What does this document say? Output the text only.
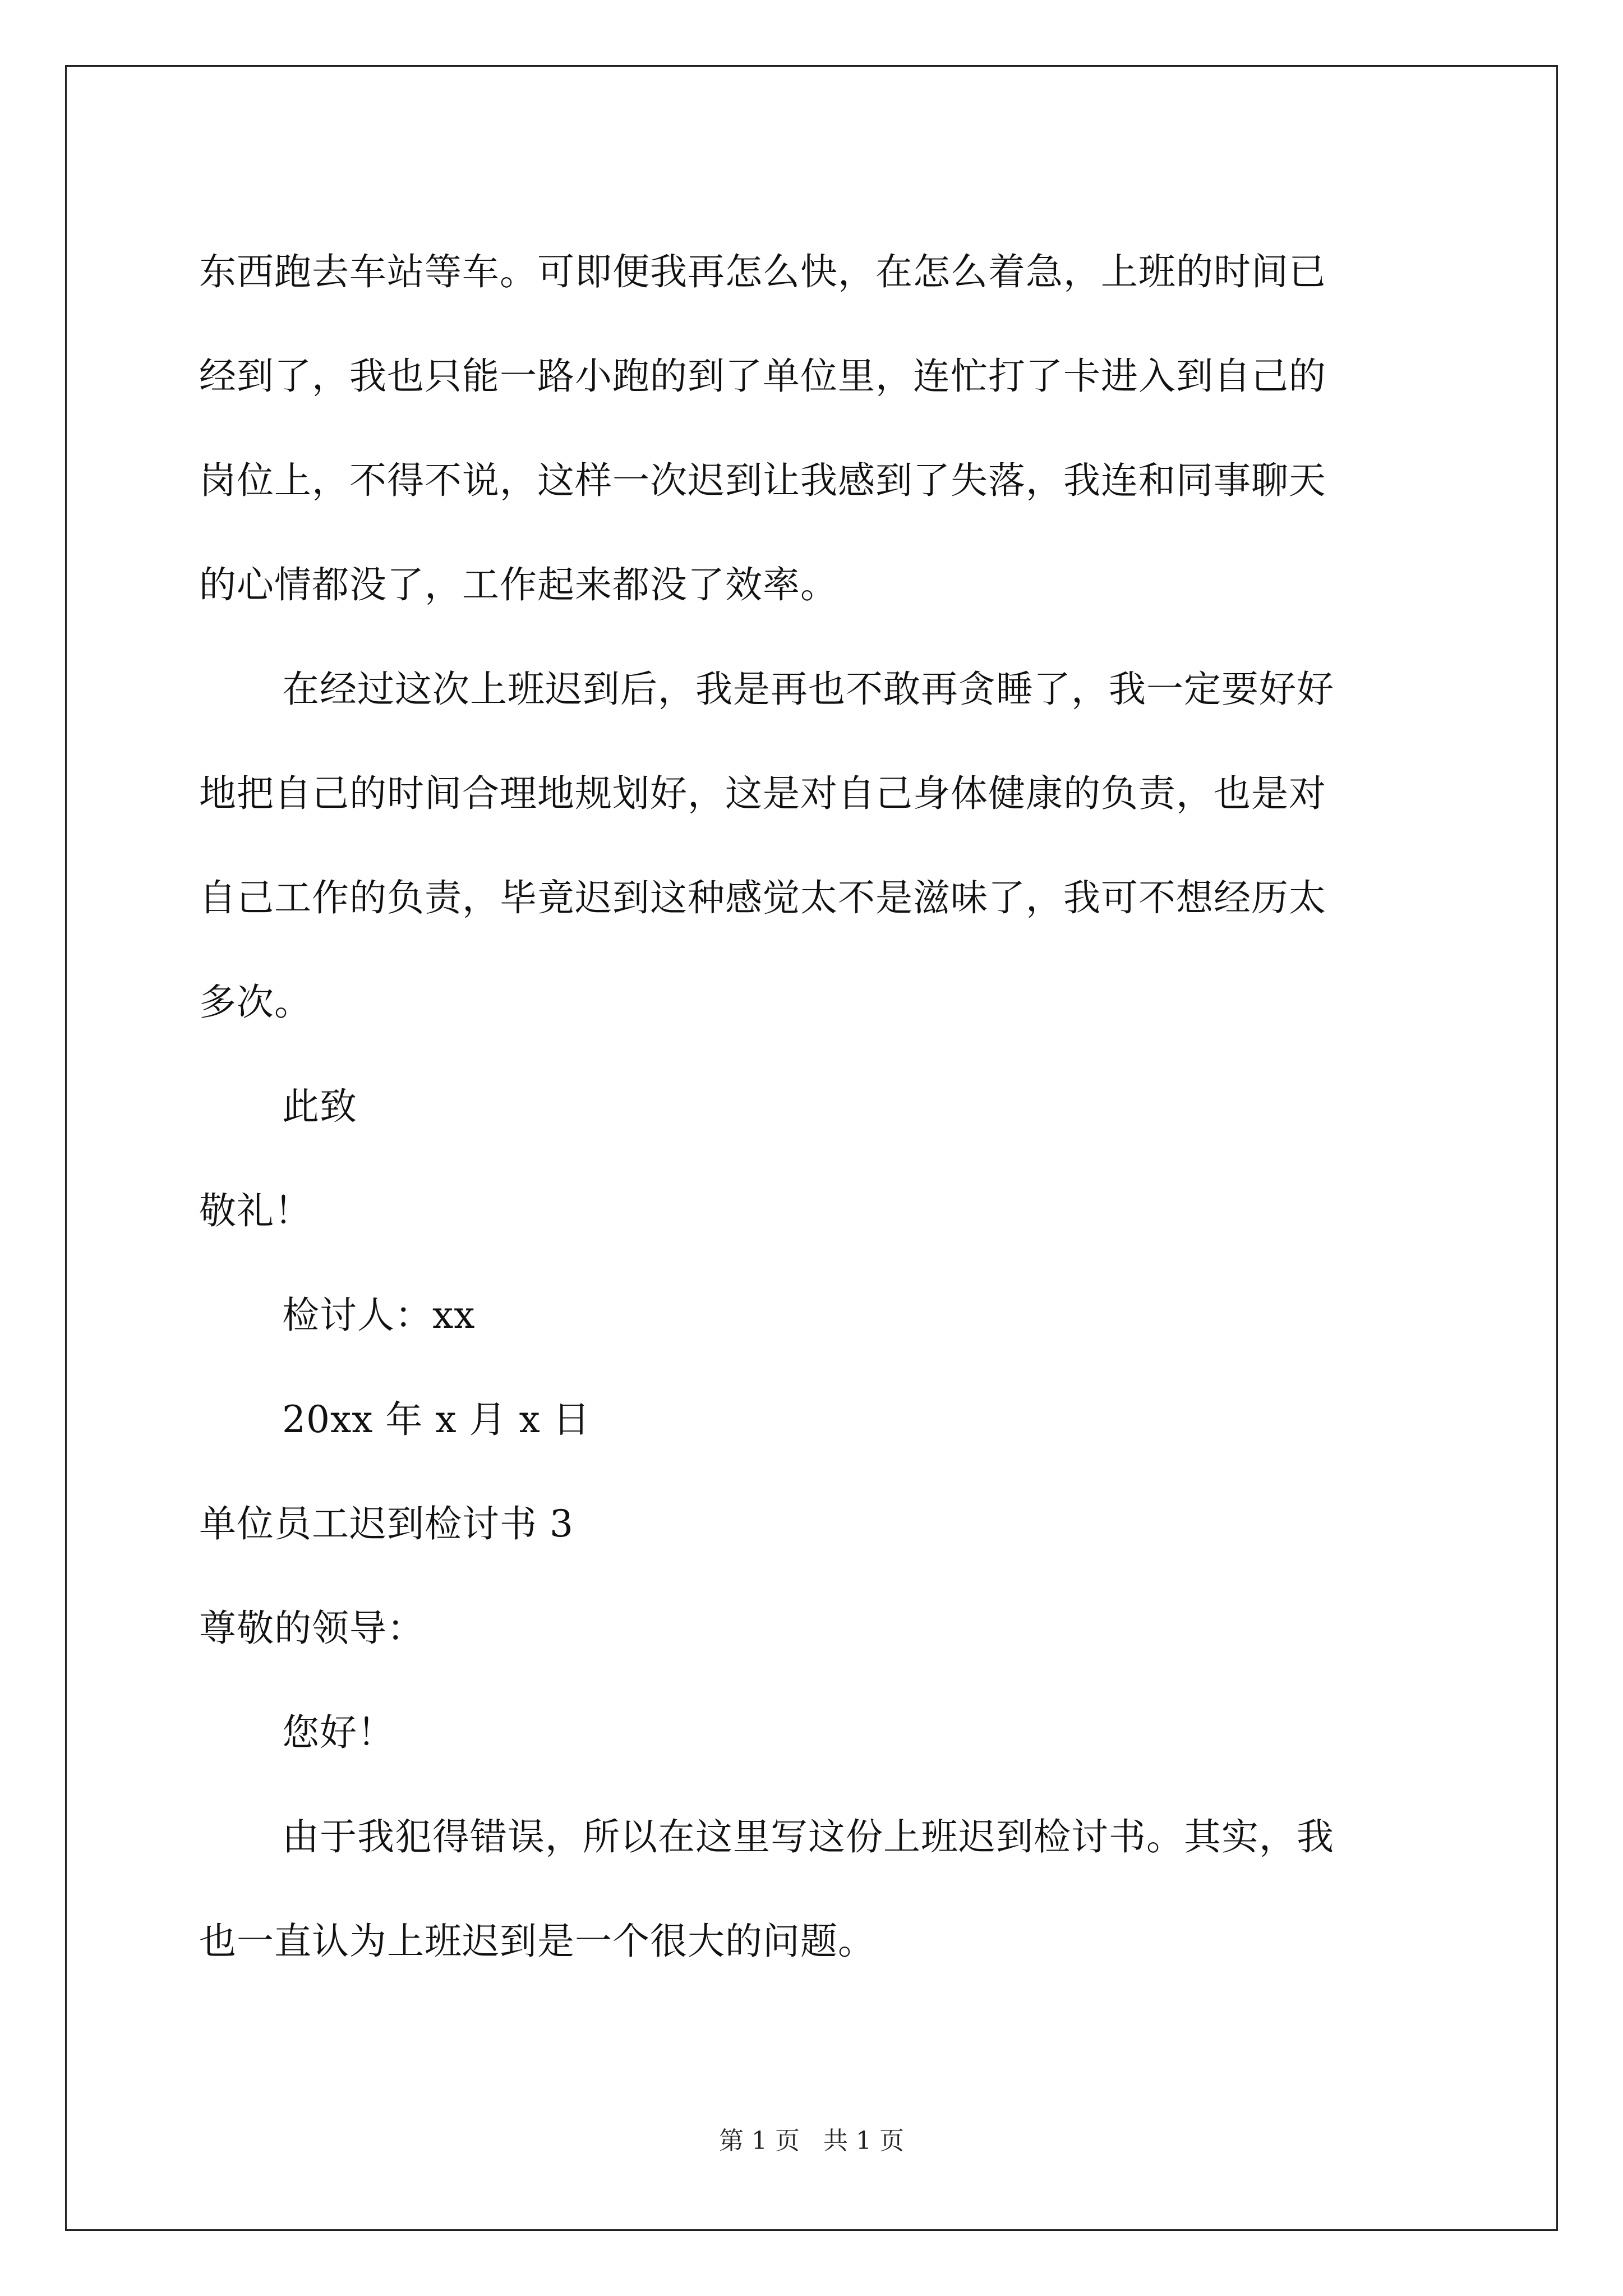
东西跑去车站等车。可即便我再怎么快，在怎么着急，上班的时间已
经到了，我也只能一路小跑的到了单位里，连忙打了卡进入到自己的
岗位上，不得不说，这样一次迟到让我感到了失落，我连和同事聊天
的心情都没了，工作起来都没了效率。
在经过这次上班迟到后，我是再也不敢再贪睡了，我一定要好好
地把自己的时间合理地规划好，这是对自己身体健康的负责，也是对
自己工作的负责，毕竟迟到这种感觉太不是滋味了，我可不想经历太
多次。
此致
敬礼！
检讨人：xx
20xx 年 x 月 x 日
单位员工迟到检讨书 3
尊敬的领导：
您好！
由于我犯得错误，所以在这里写这份上班迟到检讨书。其实，我
也一直认为上班迟到是一个很大的问题。
第 1 页 共 1 页
